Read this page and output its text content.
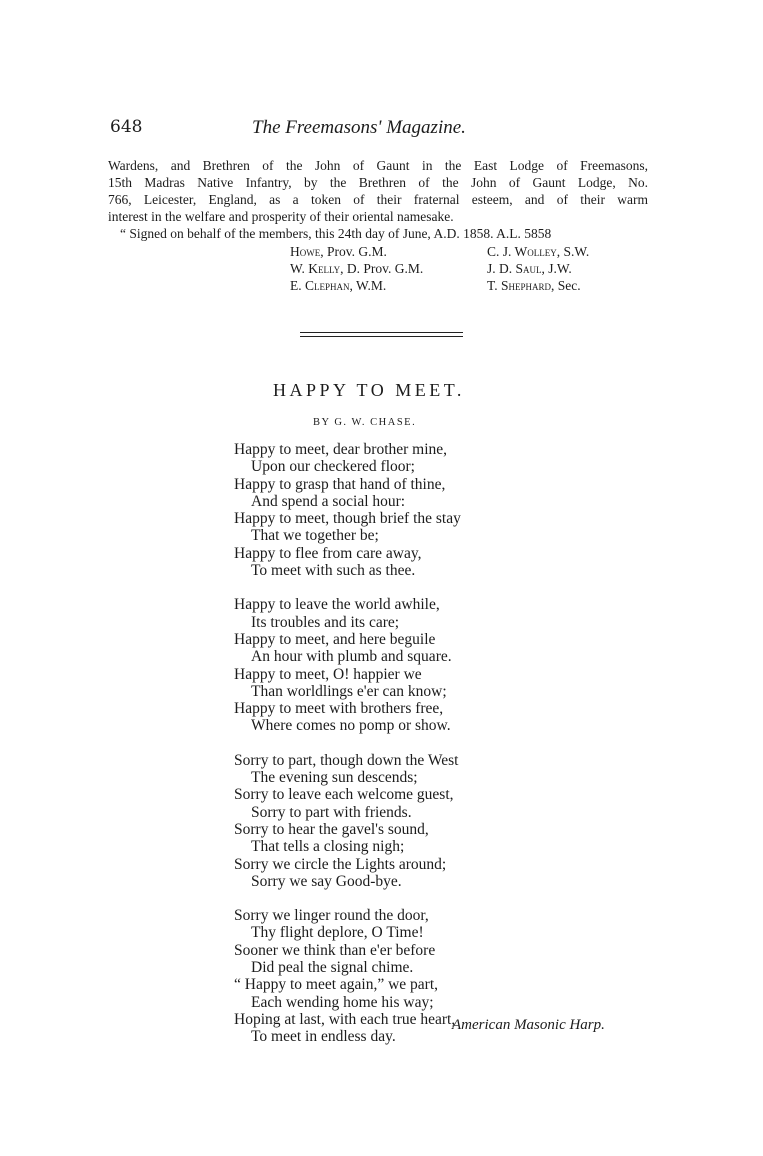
648	The Freemasons' Magazine.
Wardens, and Brethren of the John of Gaunt in the East Lodge of Freemasons,
15th Madras Native Infantry, by the Brethren of the John of Gaunt Lodge, No.
766, Leicester, England, as a token of their fraternal esteem, and of their warm
interest in the welfare and prosperity of their oriental namesake.
“ Signed on behalf of the members, this 24th day of June, A.D. 1858. A.L. 5858
Howe, Prov. G.M.	C. J. Wolley, S.W.
W. Kelly, D. Prov. G.M.	J. D. Saul, J.W.
E. Clephan, W.M.	T. Shephard, Sec.
HAPPY TO MEET.
BY G. W. CHASE.
Happy to meet, dear brother mine,
Upon our checkered floor;
Happy to grasp that hand of thine,
And spend a social hour:
Happy to meet, though brief the stay
That we together be;
Happy to flee from care away,
To meet with such as thee.
Happy to leave the world awhile,
Its troubles and its care;
Happy to meet, and here beguile
An hour with plumb and square.
Happy to meet, O! happier we
Than worldlings e'er can know;
Happy to meet with brothers free,
Where comes no pomp or show.
Sorry to part, though down the West
The evening sun descends;
Sorry to leave each welcome guest,
Sorry to part with friends.
Sorry to hear the gavel's sound,
That tells a closing nigh;
Sorry we circle the Lights around;
Sorry we say Good-bye.
Sorry we linger round the door,
Thy flight deplore, O Time!
Sooner we think than e'er before
Did peal the signal chime.
“ Happy to meet again,” we part,
Each wending home his way;
Hoping at last, with each true heart,
To meet in endless day.
American Masonic Harp.
